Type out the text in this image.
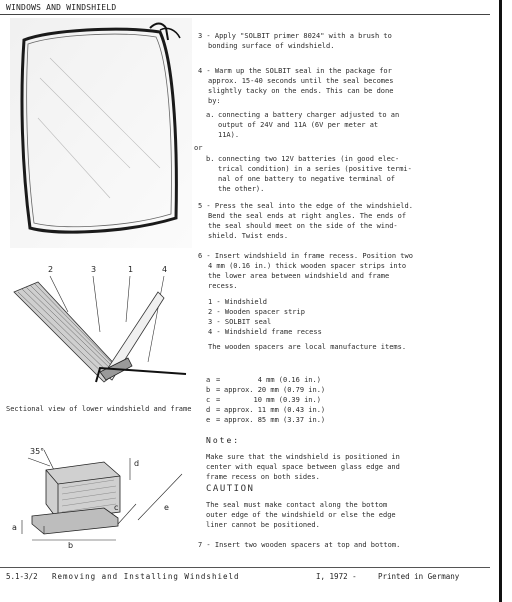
WINDOWS AND WINDSHIELD
2	3	1	4
Sectional view of lower windshield and frame
35°
d
c
a
b
e
3 - Apply "SOLBIT primer 8024" with a brush to
bonding surface of windshield.
4 - Warm up the SOLBIT seal in the package for
approx. 15-40 seconds until the seal becomes
slightly tacky on the ends. This can be done
by:
a. connecting a battery charger adjusted to an
output of 24V and 11A (6V per meter at
11A).
or
b. connecting two 12V batteries (in good elec-
trical condition) in a series (positive termi-
nal of one battery to negative terminal of
the other).
5 - Press the seal into the edge of the windshield.
Bend the seal ends at right angles. The ends of
the seal should meet on the side of the wind-
shield. Twist ends.
6 - Insert windshield in frame recess. Position two
4 mm (0.16 in.) thick wooden spacer strips into
the lower area between windshield and frame
recess.
1 - Windshield
2 - Wooden spacer strip
3 - SOLBIT seal
4 - Windshield frame recess
The wooden spacers are local manufacture items.
a = 4 mm (0.16 in.)
b = approx. 20 mm (0.79 in.)
c = 10 mm (0.39 in.)
d = approx. 11 mm (0.43 in.)
e = approx. 85 mm (3.37 in.)
Note:
Make sure that the windshield is positioned in
center with equal space between glass edge and
frame recess on both sides.
CAUTION
The seal must make contact along the bottom
outer edge of the windshield or else the edge
liner cannot be positioned.
7 - Insert two wooden spacers at top and bottom.
5.1-3/2 Removing and Installing Windshield	I, 1972 -	Printed in Germany
